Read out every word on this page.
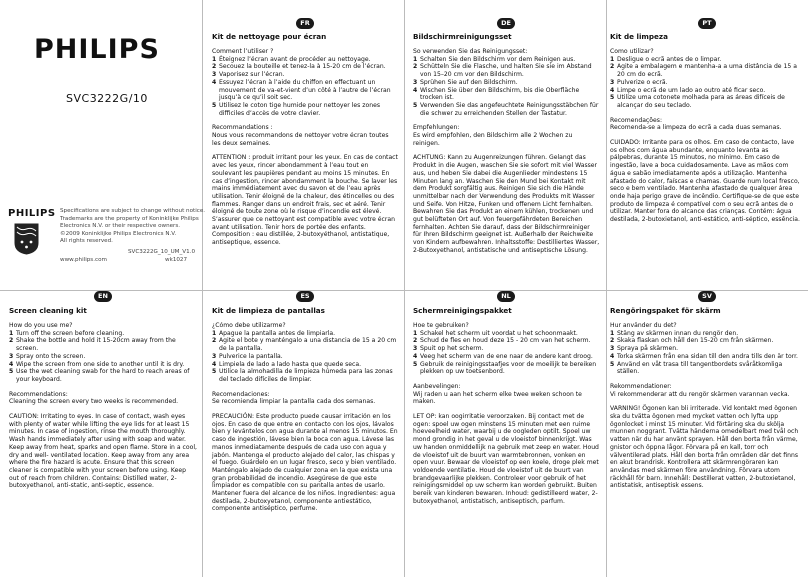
PHILIPS
SVC3222G/10
PHILIPS Specifications are subject to change without notice.
Trademarks are the property of Koninklijke Philips
Electronics N.V. or their respective owners.
©2009 Koninklijke Philips Electronics N.V.
All rights reserved.
SVC3222G_10_UM_V1.0
www.philips.com	wk1027
FR	DE	PT
EN	ES	NL	SV
Kit de nettoyage pour écran
Comment l’utiliser ?
1 Éteignez l’écran avant de procéder au nettoyage.
2 Secouez la bouteille et tenez-la à 15-20 cm de l’écran.
3 Vaporisez sur l’écran.
4 Essuyez l’écran à l’aide du chiffon en effectuant un mouvement de va-et-vient d’un côté à l’autre de l’écran jusqu’à ce qu’il soit sec.
5 Utilisez le coton tige humide pour nettoyer les zones difficiles d’accès de votre clavier.
Recommandations :
Nous vous recommandons de nettoyer votre écran toutes les deux semaines.

ATTENTION : produit irritant pour les yeux. En cas de contact avec les yeux, rincer abondamment à l’eau tout en soulevant les paupières pendant au moins 15 minutes. En cas d’ingestion, rincer abondamment la bouche. Se laver les mains immédiatement avec du savon et de l’eau après utilisation. Tenir éloigné de la chaleur, des étincelles ou des flammes. Ranger dans un endroit frais, sec et aéré. Tenir éloigné de toute zone où le risque d’incendie est élevé. S’assurer que ce nettoyant est compatible avec votre écran avant utilisation. Tenir hors de portée des enfants. Composition : eau distillée, 2-butoxyéthanol, antistatique, antiseptique, essence.

Bildschirmreinigungsset
So verwenden Sie das Reinigungsset:
1 Schalten Sie den Bildschirm vor dem Reinigen aus.
2 Schütteln Sie die Flasche, und halten Sie sie im Abstand von 15–20 cm vor den Bildschirm.
3 Sprühen Sie auf den Bildschirm.
4 Wischen Sie über den Bildschirm, bis die Oberfläche trocken ist.
5 Verwenden Sie das angefeuchtete Reinigungsstäbchen für die schwer zu erreichenden Stellen der Tastatur.
Empfehlungen:
Es wird empfohlen, den Bildschirm alle 2 Wochen zu reinigen.

ACHTUNG: Kann zu Augenreizungen führen. Gelangt das Produkt in die Augen, waschen Sie sie sofort mit viel Wasser aus, und heben Sie dabei die Augenlieder mindestens 15 Minuten lang an. Waschen Sie den Mund bei Kontakt mit dem Produkt sorgfältig aus. Reinigen Sie sich die Hände unmittelbar nach der Verwendung des Produkts mit Wasser und Seife. Von Hitze, Funken und offenem Licht fernhalten. Bewahren Sie das Produkt an einem kühlen, trockenen und gut belüfteten Ort auf. Von feuergefährdeten Bereichen fernhalten. Achten Sie darauf, dass der Bildschirmreiniger für Ihren Bildschirm geeignet ist. Außerhalb der Reichweite von Kindern aufbewahren. Inhaltsstoffe: Destilliertes Wasser, 2-Butoxyethanol, antistatische und antiseptische Lösung.

Kit de limpeza
Como utilizar?
1 Desligue o ecrã antes de o limpar.
2 Agite a embalagem e mantenha-a a uma distância de 15 a 20 cm do ecrã.
3 Pulverize o ecrã.
4 Limpe o ecrã de um lado ao outro até ficar seco.
5 Utilize uma cotonete molhada para as áreas difíceis de alcançar do seu teclado.
Recomendações:
Recomenda-se a limpeza do ecrã a cada duas semanas.

CUIDADO: Irritante para os olhos. Em caso de contacto, lave os olhos com água abundante, enquanto levanta as pálpebras, durante 15 minutos, no mínimo. Em caso de ingestão, lave a boca cuidadosamente. Lave as mãos com água e sabão imediatamente após a utilização. Mantenha afastado do calor, faíscas e chamas. Guarde num local fresco, seco e bem ventilado. Mantenha afastado de qualquer área onde haja perigo grave de incêndio. Certifique-se de que este produto de limpeza é compatível com o seu ecrã antes de o utilizar. Manter fora do alcance das crianças. Contém: água destilada, 2-butoxietanol, anti-estático, anti-séptico, essência.

Screen cleaning kit
How do you use me?
1 Turn off the screen before cleaning.
2 Shake the bottle and hold it 15-20cm away from the screen.
3 Spray onto the screen.
4 Wipe the screen from one side to another until it is dry.
5 Use the wet cleaning swab for the hard to reach areas of your keyboard.
Recommendations:
Cleaning the screen every two weeks is recommended.

CAUTION: Irritating to eyes. In case of contact, wash eyes with plenty of water while lifting the eye lids for at least 15 minutes. In case of ingestion, rinse the mouth thoroughly. Wash hands immediately after using with soap and water. Keep away from heat, sparks and open flame. Store in a cool, dry and well- ventilated location. Keep away from any area where the fire hazard is acute. Ensure that this screen cleaner is compatible with your screen before using. Keep out of reach from children. Contains: Distilled water, 2-butoxyethanol, anti-static, anti-septic, essence.

Kit de limpieza de pantallas
¿Cómo debe utilizarme?
1 Apague la pantalla antes de limpiarla.
2 Agite el bote y manténgalo a una distancia de 15 a 20 cm de la pantalla.
3 Pulverice la pantalla.
4 Limpiela de lado a lado hasta que quede seca.
5 Utilice la almohadilla de limpieza húmeda para las zonas del teclado difíciles de limpiar.
Recomendaciones:
Se recomienda limpiar la pantalla cada dos semanas.

PRECAUCIÓN: Este producto puede causar irritación en los ojos. En caso de que entre en contacto con los ojos, lávalos bien y levántelos con agua durante al menos 15 minutos. En caso de ingestión, lávese bien la boca con agua. Lávese las manos inmediatamente después de cada uso con agua y jabón. Mantenga el producto alejado del calor, las chispas y el fuego. Guárdelo en un lugar fresco, seco y bien ventilado. Manténgalo alejado de cualquier zona en la que exista una gran probabilidad de incendio. Asegúrese de que este limpiador es compatible con su pantalla antes de usarlo. Mantener fuera del alcance de los niños. Ingredientes: agua destilada, 2-butoxyetanol, componente antiestático, componente antiséptico, perfume.

Schermreinigingspakket
Hoe te gebruiken?
1 Schakel het scherm uit voordat u het schoonmaakt.
2 Schud de fles en houd deze 15 - 20 cm van het scherm.
3 Spuit op het scherm.
4 Veeg het scherm van de ene naar de andere kant droog.
5 Gebruik de reinigingsstaafjes voor de moeilijk te bereiken plekken op uw toetsenbord.
Aanbevelingen:
Wij raden u aan het scherm elke twee weken schoon te maken.

LET OP: kan oogirritatie veroorzaken. Bij contact met de ogen: spoel uw ogen minstens 15 minuten met een ruime hoeveelheid water, waarbij u de oogleden optilt. Spoel uw mond grondig in het geval u de vloeistof binnenkrijgt. Was uw handen onmiddellijk na gebruik met zeep en water. Houd de vloeistof uit de buurt van warmtebronnen, vonken en open vuur. Bewaar de vloeistof op een koele, droge plek met voldoende ventilatie. Houd de vloeistof uit de buurt van brandgevaarlijke plekken. Controleer voor gebruik of het reinigingsmiddel op uw scherm kan worden gebruikt. Buiten bereik van kinderen bewaren. Inhoud: gedistilleerd water, 2-butoxyethanol, antistatisch, antiseptisch, parfum.

Rengöringspaket för skärm
Hur använder du det?
1 Stäng av skärmen innan du rengör den.
2 Skaka flaskan och håll den 15-20 cm från skärmen.
3 Spraya på skärmen.
4 Torka skärmen från ena sidan till den andra tills den är torr.
5 Använd en våt trasa till tangentbordets svåråtkomliga ställen.
Rekommendationer:
Vi rekommenderar att du rengör skärmen varannan vecka.

VARNING! Ögonen kan bli irriterade. Vid kontakt med ögonen ska du tvätta ögonen med mycket vatten och lyfta upp ögonlocket i minst 15 minuter. Vid förtäring ska du skölja munnen noggrant. Tvätta händerna omedelbart med tvål och vatten när du har använt sprayen. Håll den borta från värme, gnistor och öppna lågor. Förvara på en kall, torr och välventilerad plats. Håll den borta från områden där det finns en akut brandrisk. Kontrollera att skärmrengöraren kan användas med skärmen före användning. Förvara utom räckhåll för barn. Innehåll: Destillerat vatten, 2-butoxietanol, antistatisk, antiseptisk essens.
